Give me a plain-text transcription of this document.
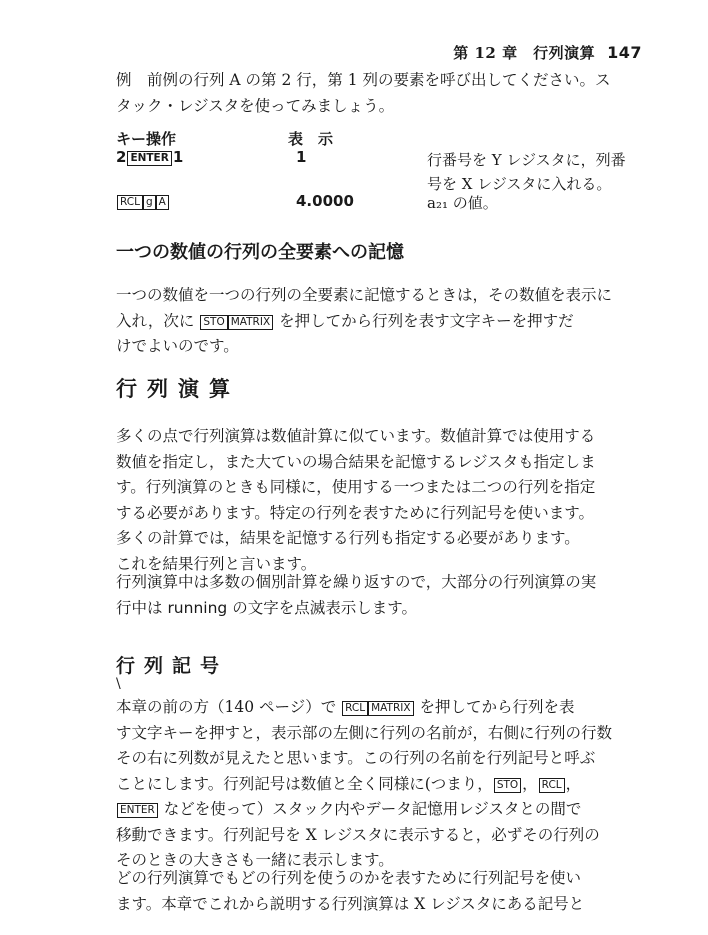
第 12 章　行列演算 147
例　前例の行列 A の第 2 行，第 1 列の要素を呼び出してください。ス
タック・レジスタを使ってみましょう。
キー操作	表　示
2 ENTER 1	1	行番号を Y レジスタに，列番
号を X レジスタに入れる。
RCL g A	4.0000	a₂₁ の値。
一つの数値の行列の全要素への記憶
一つの数値を一つの行列の全要素に記憶するときは，その数値を表示に
入れ，次に STO MATRIX を押してから行列を表す文字キーを押すだ
けでよいのです。
行列演算
多くの点で行列演算は数値計算に似ています。数値計算では使用する
数値を指定し，また大ていの場合結果を記憶するレジスタも指定しま
す。行列演算のときも同様に，使用する一つまたは二つの行列を指定
する必要があります。特定の行列を表すために行列記号を使います。
多くの計算では，結果を記憶する行列も指定する必要があります。
これを結果行列と言います。
行列演算中は多数の個別計算を繰り返すので，大部分の行列演算の実
行中は running の文字を点滅表示します。
行列記号
\
本章の前の方（140 ページ）で RCL MATRIX を押してから行列を表
す文字キーを押すと，表示部の左側に行列の名前が，右側に行列の行数
その右に列数が見えたと思います。この行列の名前を行列記号と呼ぶ
ことにします。行列記号は数値と全く同様に(つまり， STO ， RCL ，
ENTER などを使って）スタック内やデータ記憶用レジスタとの間で
移動できます。行列記号を X レジスタに表示すると，必ずその行列の
そのときの大きさも一緒に表示します。
どの行列演算でもどの行列を使うのかを表すために行列記号を使い
ます。本章でこれから説明する行列演算は X レジスタにある記号と
